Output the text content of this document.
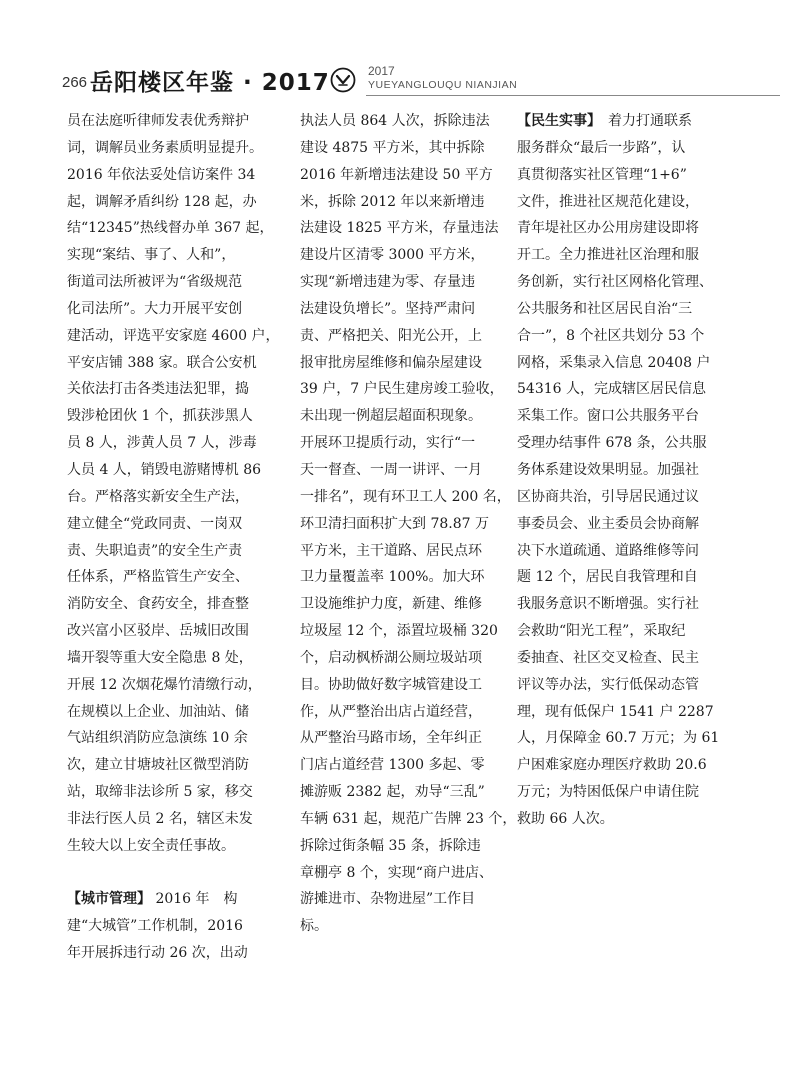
266 岳阳楼区年鉴 · 2017	2017
YUEYANGLOUQU NIANJIAN
员在法庭听律师发表优秀辩护
词，调解员业务素质明显提升。
2016 年依法妥处信访案件 34
起，调解矛盾纠纷 128 起，办
结“12345”热线督办单 367 起，
实现“案结、事了、人和”，
街道司法所被评为“省级规范
化司法所”。大力开展平安创
建活动，评选平安家庭 4600 户，
平安店铺 388 家。联合公安机
关依法打击各类违法犯罪，捣
毁涉枪团伙 1 个，抓获涉黑人
员 8 人，涉黄人员 7 人，涉毒
人员 4 人，销毁电游赌博机 86
台。严格落实新安全生产法，
建立健全“党政同责、一岗双
责、失职追责”的安全生产责
任体系，严格监管生产安全、
消防安全、食药安全，排查整
改兴富小区驳岸、岳城旧改围
墙开裂等重大安全隐患 8 处，
开展 12 次烟花爆竹清缴行动，
在规模以上企业、加油站、储
气站组织消防应急演练 10 余
次，建立甘塘坡社区微型消防
站，取缔非法诊所 5 家，移交
非法行医人员 2 名，辖区未发
生较大以上安全责任事故。
【城市管理】 2016 年　构
建“大城管”工作机制，2016
年开展拆违行动 26 次，出动
执法人员 864 人次，拆除违法
建设 4875 平方米，其中拆除
2016 年新增违法建设 50 平方
米，拆除 2012 年以来新增违
法建设 1825 平方米，存量违法
建设片区清零 3000 平方米，
实现“新增违建为零、存量违
法建设负增长”。坚持严肃问
责、严格把关、阳光公开，上
报审批房屋维修和偏杂屋建设
39 户，7 户民生建房竣工验收，
未出现一例超层超面积现象。
开展环卫提质行动，实行“一
天一督查、一周一讲评、一月
一排名”，现有环卫工人 200 名，
环卫清扫面积扩大到 78.87 万
平方米，主干道路、居民点环
卫力量覆盖率 100%。加大环
卫设施维护力度，新建、维修
垃圾屋 12 个，添置垃圾桶 320
个，启动枫桥湖公厕垃圾站项
目。协助做好数字城管建设工
作，从严整治出店占道经营，
从严整治马路市场，全年纠正
门店占道经营 1300 多起、零
摊游贩 2382 起，劝导“三乱”
车辆 631 起，规范广告牌 23 个，
拆除过街条幅 35 条，拆除违
章棚亭 8 个，实现“商户进店、
游摊进市、杂物进屋”工作目
标。
【民生实事】　着力打通联系
服务群众“最后一步路”，认
真贯彻落实社区管理“1+6”
文件，推进社区规范化建设，
青年堤社区办公用房建设即将
开工。全力推进社区治理和服
务创新，实行社区网格化管理、
公共服务和社区居民自治“三
合一”，8 个社区共划分 53 个
网格，采集录入信息 20408 户
54316 人，完成辖区居民信息
采集工作。窗口公共服务平台
受理办结事件 678 条，公共服
务体系建设效果明显。加强社
区协商共治，引导居民通过议
事委员会、业主委员会协商解
决下水道疏通、道路维修等问
题 12 个，居民自我管理和自
我服务意识不断增强。实行社
会救助“阳光工程”，采取纪
委抽查、社区交叉检查、民主
评议等办法，实行低保动态管
理，现有低保户 1541 户 2287
人，月保障金 60.7 万元；为 61
户困难家庭办理医疗救助 20.6
万元；为特困低保户申请住院
救助 66 人次。
